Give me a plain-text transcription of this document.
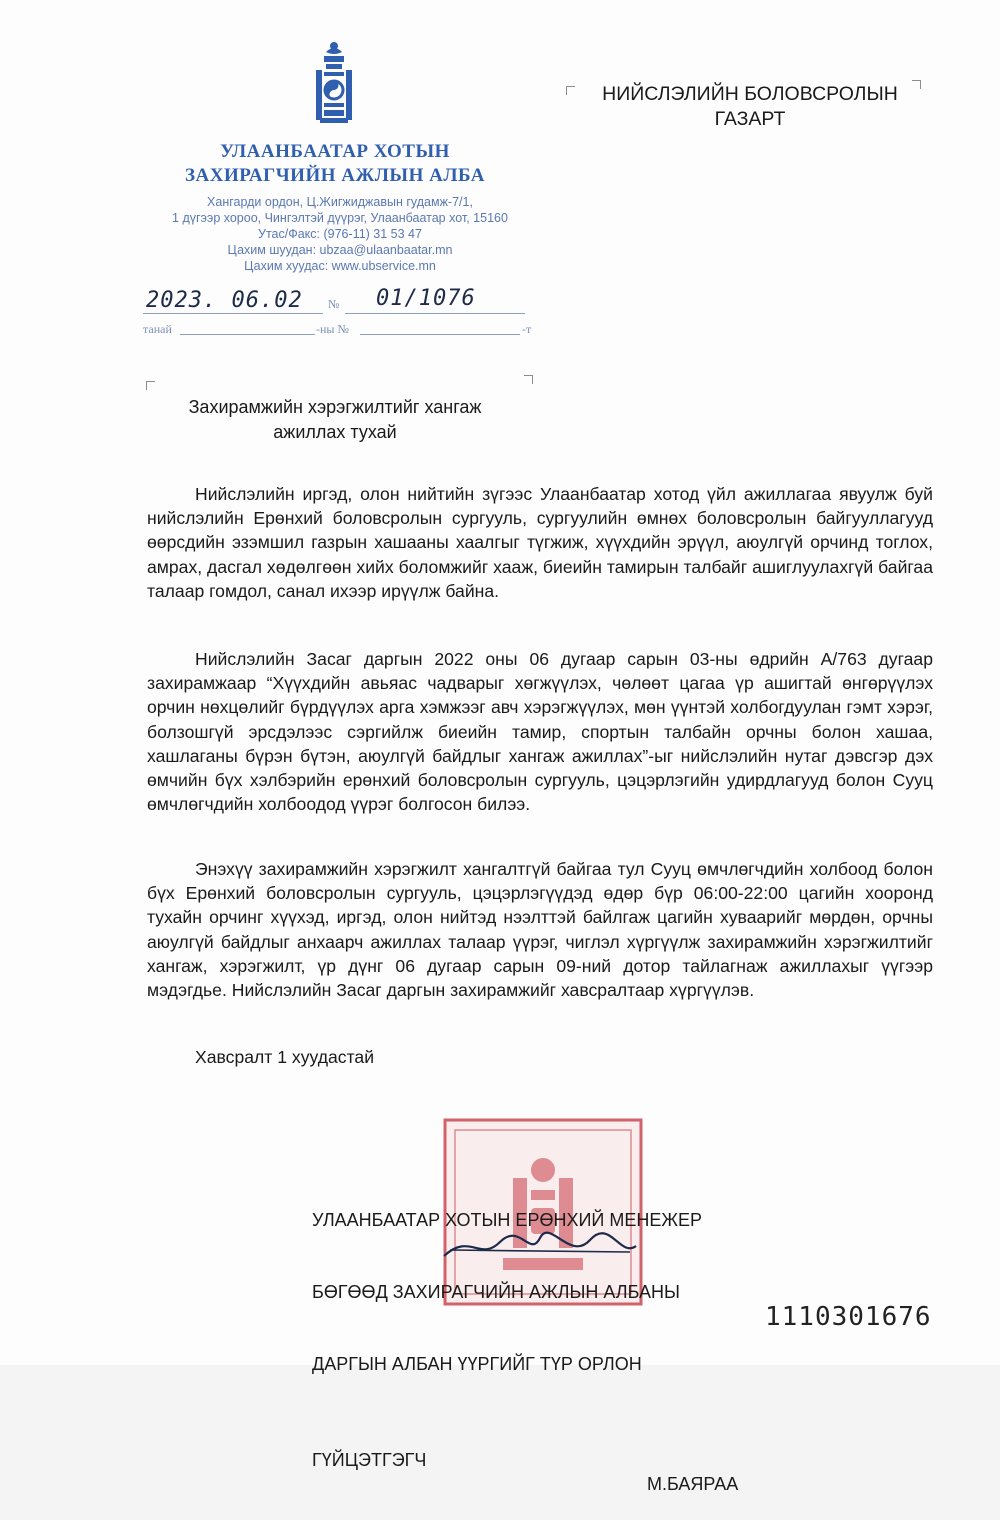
УЛААНБААТАР ХОТЫН
ЗАХИРАГЧИЙН АЖЛЫН АЛБА
Хангарди ордон, Ц.Жигжиджавын гудамж-7/1,
1 дүгээр хороо, Чингэлтэй дүүрэг, Улаанбаатар хот, 15160
Утас/Факс: (976-11) 31 53 47
Цахим шуудан: ubzaa@ulaanbaatar.mn
Цахим хуудас: www.ubservice.mn
2023. 06.02 № 01/1076
танай	-ны №	-т
НИЙСЛЭЛИЙН БОЛОВСРОЛЫН
ГАЗАРТ
Захирамжийн хэрэгжилтийг хангаж
ажиллах тухай

Нийслэлийн иргэд, олон нийтийн зүгээс Улаанбаатар хотод үйл ажиллагаа явуулж буй нийслэлийн Ерөнхий боловсролын сургууль, сургуулийн өмнөх боловсролын байгууллагууд өөрсдийн эзэмшил газрын хашааны хаалгыг түгжиж, хүүхдийн эрүүл, аюулгүй орчинд тоглох, амрах, дасгал хөдөлгөөн хийх боломжийг хааж, биеийн тамирын талбайг ашиглуулахгүй байгаа талаар гомдол, санал ихээр ирүүлж байна.

Нийслэлийн Засаг даргын 2022 оны 06 дугаар сарын 03-ны өдрийн А/763 дугаар захирамжаар “Хүүхдийн авьяас чадварыг хөгжүүлэх, чөлөөт цагаа үр ашигтай өнгөрүүлэх орчин нөхцөлийг бүрдүүлэх арга хэмжээг авч хэрэгжүүлэх, мөн үүнтэй холбогдуулан гэмт хэрэг, болзошгүй эрсдэлээс сэргийлж биеийн тамир, спортын талбайн орчны болон хашаа, хашлаганы бүрэн бүтэн, аюулгүй байдлыг хангаж ажиллах”-ыг нийслэлийн нутаг дэвсгэр дэх өмчийн бүх хэлбэрийн ерөнхий боловсролын сургууль, цэцэрлэгийн удирдлагууд болон Сууц өмчлөгчдийн холбоодод үүрэг болгосон билээ.

Энэхүү захирамжийн хэрэгжилт хангалтгүй байгаа тул Сууц өмчлөгчдийн холбоод болон бүх Ерөнхий боловсролын сургууль, цэцэрлэгүүдэд өдөр бүр 06:00-22:00 цагийн хооронд тухайн орчинг хүүхэд, иргэд, олон нийтэд нээлттэй байлгаж цагийн хуваарийг мөрдөн, орчны аюулгүй байдлыг анхаарч ажиллах талаар үүрэг, чиглэл хүргүүлж захирамжийн хэрэгжилтийг хангаж, хэрэгжилт, үр дүнг 06 дугаар сарын 09-ний дотор тайлагнаж ажиллахыг үүгээр мэдэгдье. Нийслэлийн Засаг даргын захирамжийг хавсралтаар хүргүүлэв.

Хавсралт 1 хуудастай

УЛААНБААТАР ХОТЫН ЕРӨНХИЙ МЕНЕЖЕР

БӨГӨӨД ЗАХИРАГЧИЙН АЖЛЫН АЛБАНЫ

ДАРГЫН АЛБАН ҮҮРГИЙГ ТҮР ОРЛОН

ГҮЙЦЭТГЭГЧ

М.БАЯРАА

1110301676
